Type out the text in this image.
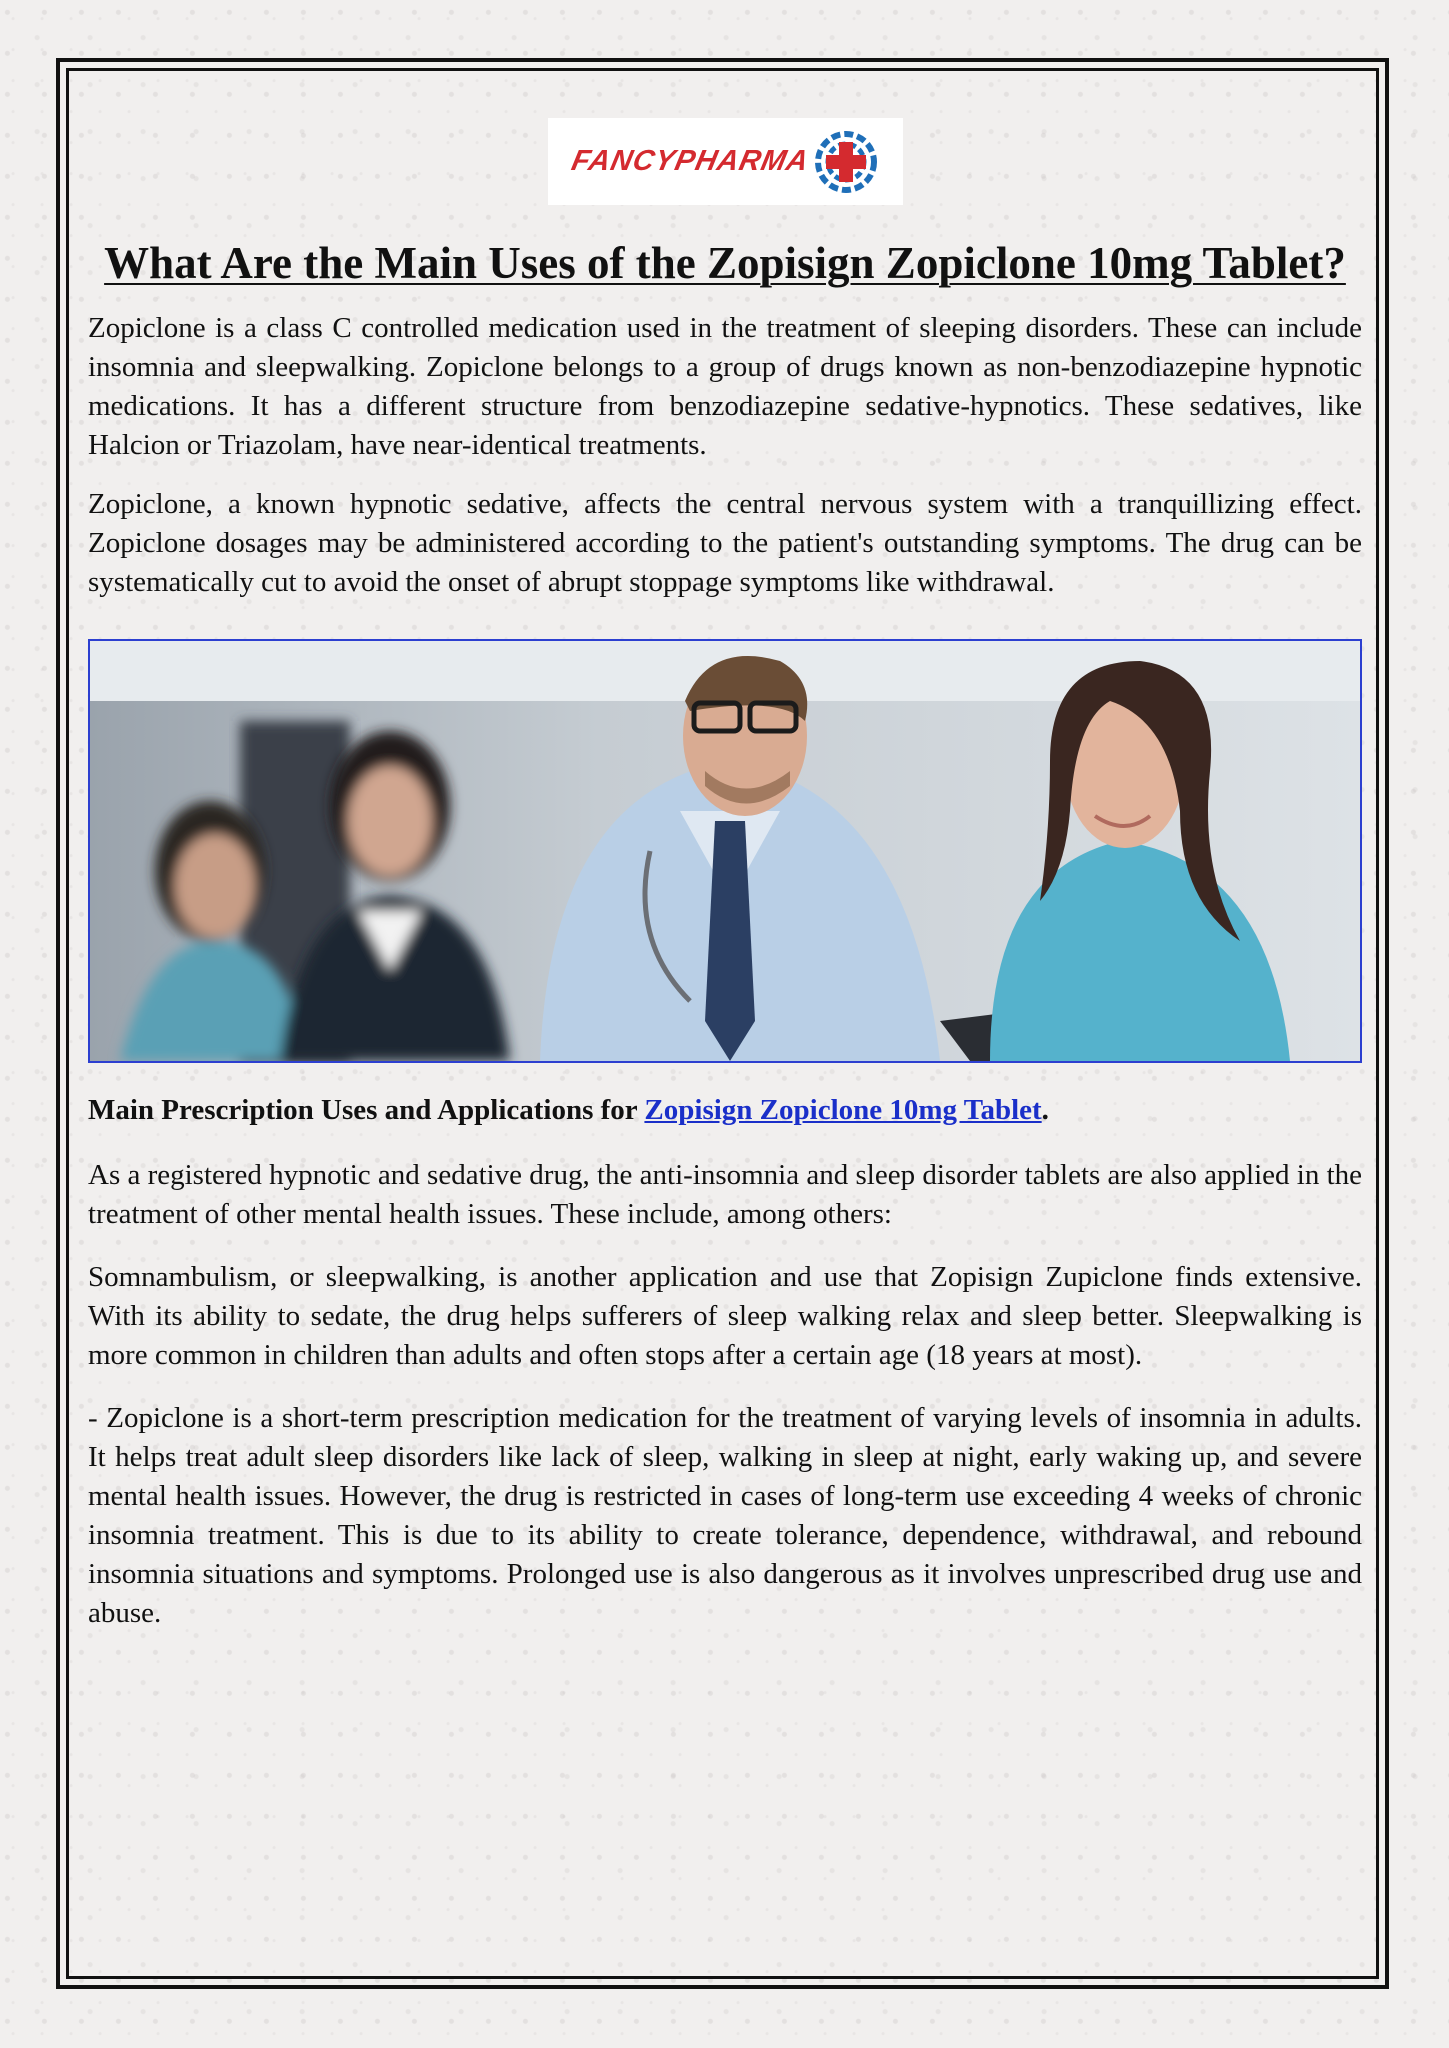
FANCYPHARMA
What Are the Main Uses of the Zopisign Zopiclone 10mg Tablet?

Zopiclone is a class C controlled medication used in the treatment of sleeping disorders. These can include insomnia and sleepwalking. Zopiclone belongs to a group of drugs known as non-benzodiazepine hypnotic medications. It has a different structure from benzodiazepine sedative-hypnotics. These sedatives, like Halcion or Triazolam, have near-identical treatments.

Zopiclone, a known hypnotic sedative, affects the central nervous system with a tranquillizing effect. Zopiclone dosages may be administered according to the patient's outstanding symptoms. The drug can be systematically cut to avoid the onset of abrupt stoppage symptoms like withdrawal.

Main Prescription Uses and Applications for Zopisign Zopiclone 10mg Tablet.

As a registered hypnotic and sedative drug, the anti-insomnia and sleep disorder tablets are also applied in the treatment of other mental health issues. These include, among others:

Somnambulism, or sleepwalking, is another application and use that Zopisign Zupiclone finds extensive. With its ability to sedate, the drug helps sufferers of sleep walking relax and sleep better. Sleepwalking is more common in children than adults and often stops after a certain age (18 years at most).

- Zopiclone is a short-term prescription medication for the treatment of varying levels of insomnia in adults. It helps treat adult sleep disorders like lack of sleep, walking in sleep at night, early waking up, and severe mental health issues. However, the drug is restricted in cases of long-term use exceeding 4 weeks of chronic insomnia treatment. This is due to its ability to create tolerance, dependence, withdrawal, and rebound insomnia situations and symptoms. Prolonged use is also dangerous as it involves unprescribed drug use and abuse.
